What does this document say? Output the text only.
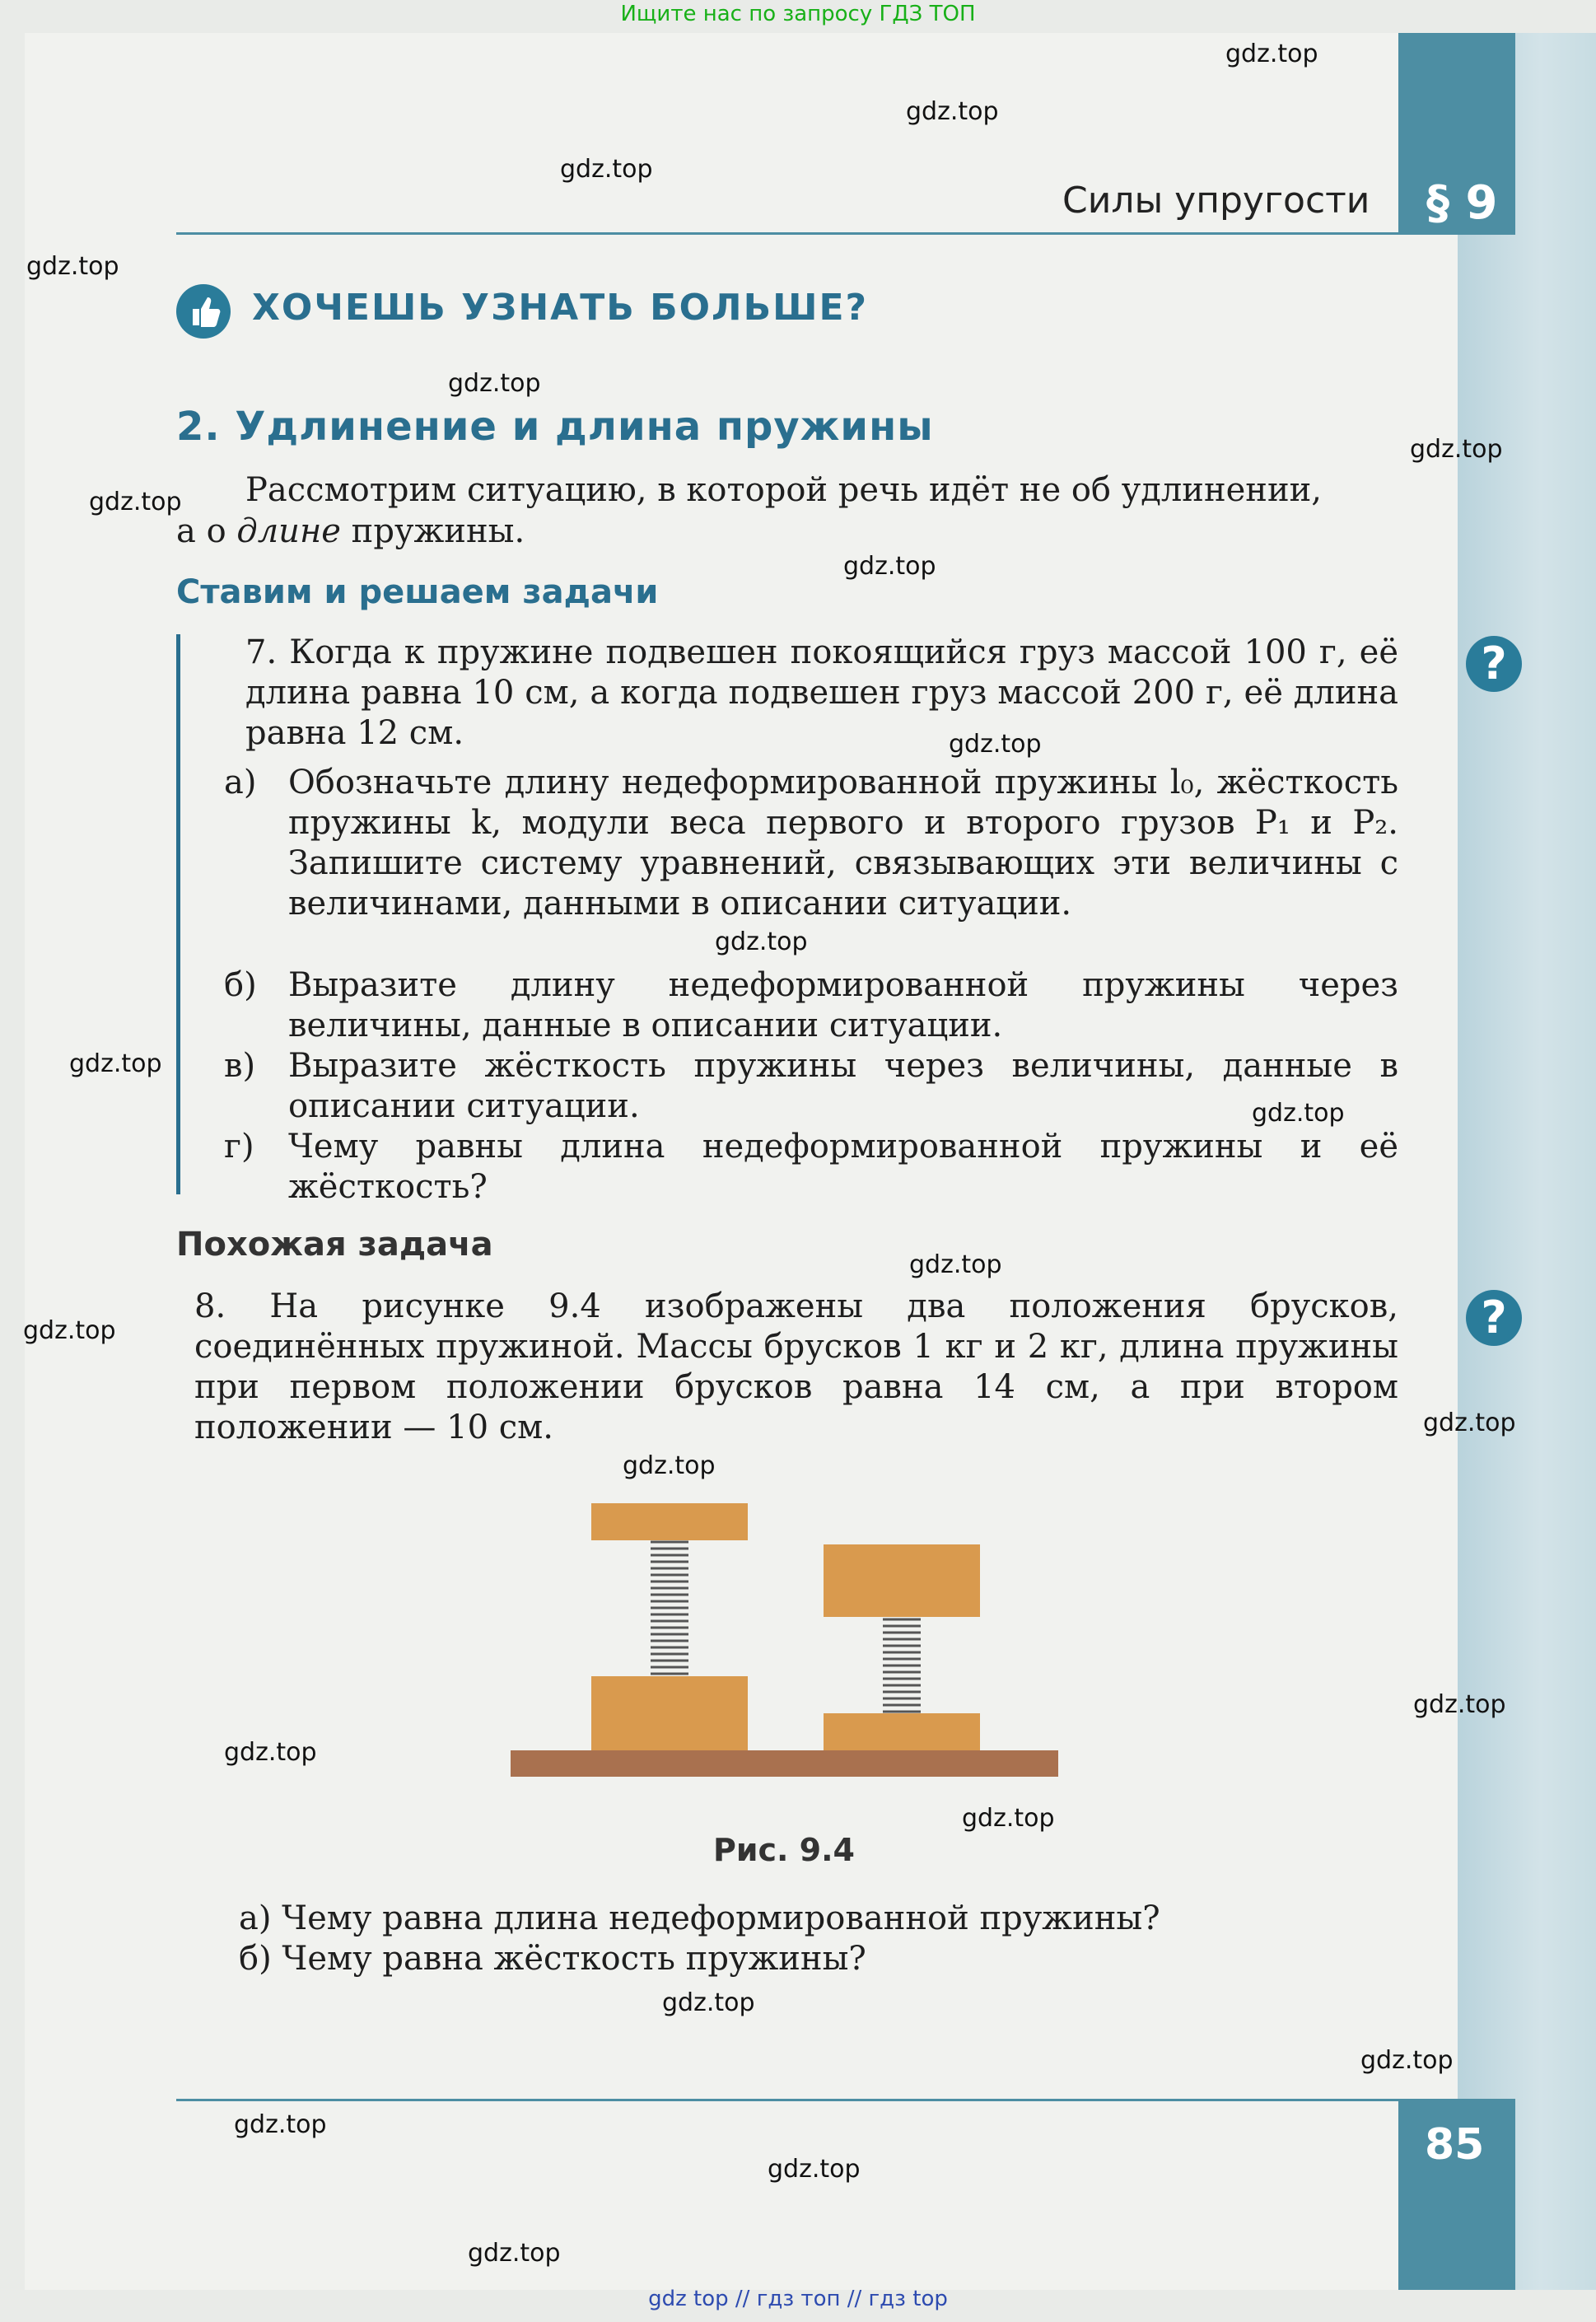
Ищите нас по запросу ГДЗ ТОП
§ 9
Силы упругости
ХОЧЕШЬ УЗНАТЬ БОЛЬШЕ?
2. Удлинение и длина пружины
Рассмотрим ситуацию, в которой речь идёт не об удлинении,
а о длине пружины.
Ставим и решаем задачи
7. Когда к пружине подвешен покоящийся груз массой 100 г, её длина равна 10 см, а когда подвешен груз массой 200 г, её длина равна 12 см.
а) Обозначьте длину недеформированной пружины l₀, жёсткость пружины k, модули веса первого и второго грузов P₁ и P₂. Запишите систему уравнений, связывающих эти величины с величинами, данными в описании ситуации.
б) Выразите длину недеформированной пружины через величины, данные в описании ситуации.
в) Выразите жёсткость пружины через величины, данные в описании ситуации.
г) Чему равны длина недеформированной пружины и её жёсткость?
Похожая задача
8. На рисунке 9.4 изображены два положения брусков, соединённых пружиной. Массы брусков 1 кг и 2 кг, длина пружины при первом положении брусков равна 14 см, а при втором положении — 10 см.
Рис. 9.4
а) Чему равна длина недеформированной пружины?
б) Чему равна жёсткость пружины?
?
?
85
gdz.top
gdz.top
gdz.top
gdz.top
gdz.top
gdz.top
gdz.top
gdz.top
gdz.top
gdz.top
gdz.top
gdz.top
gdz.top
gdz.top
gdz.top
gdz.top
gdz.top
gdz.top
gdz.top
gdz.top
gdz.top
gdz.top
gdz.top
gdz.top
gdz top // гдз топ // гдз top
